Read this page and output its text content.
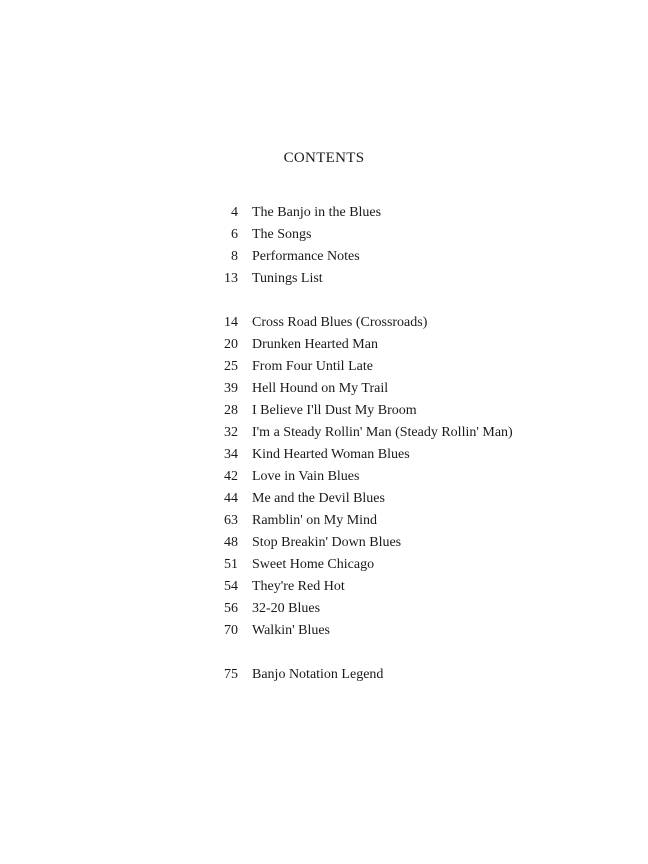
CONTENTS
4 The Banjo in the Blues
6 The Songs
8 Performance Notes
13 Tunings List
14 Cross Road Blues (Crossroads)
20 Drunken Hearted Man
25 From Four Until Late
39 Hell Hound on My Trail
28 I Believe I'll Dust My Broom
32 I'm a Steady Rollin' Man (Steady Rollin' Man)
34 Kind Hearted Woman Blues
42 Love in Vain Blues
44 Me and the Devil Blues
63 Ramblin' on My Mind
48 Stop Breakin' Down Blues
51 Sweet Home Chicago
54 They're Red Hot
56 32-20 Blues
70 Walkin' Blues
75 Banjo Notation Legend
